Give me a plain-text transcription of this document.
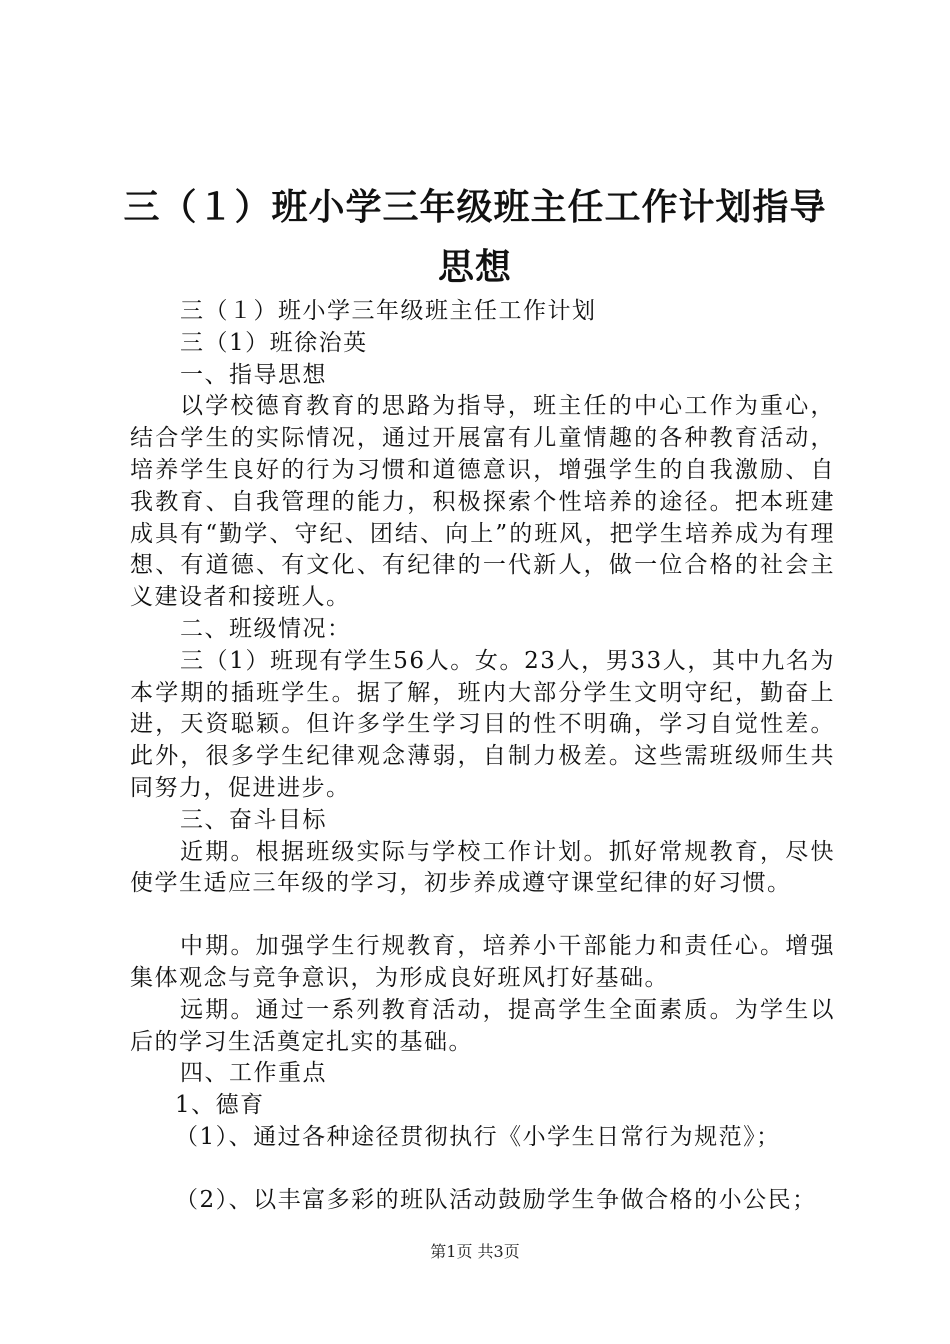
三（１）班小学三年级班主任工作计划指导思想

三（１）班小学三年级班主任工作计划

三（1）班徐治英

一、指导思想

以学校德育教育的思路为指导，班主任的中心工作为重心，结合学生的实际情况，通过开展富有儿童情趣的各种教育活动，培养学生良好的行为习惯和道德意识，增强学生的自我激励、自我教育、自我管理的能力，积极探索个性培养的途径。把本班建成具有“勤学、守纪、团结、向上”的班风，把学生培养成为有理想、有道德、有文化、有纪律的一代新人，做一位合格的社会主义建设者和接班人。

二、班级情况：

三（1）班现有学生56人。女。23人，男33人，其中九名为本学期的插班学生。据了解，班内大部分学生文明守纪，勤奋上进，天资聪颖。但许多学生学习目的性不明确，学习自觉性差。此外，很多学生纪律观念薄弱，自制力极差。这些需班级师生共同努力，促进进步。

三、奋斗目标

近期。根据班级实际与学校工作计划。抓好常规教育，尽快使学生适应三年级的学习，初步养成遵守课堂纪律的好习惯。

中期。加强学生行规教育，培养小干部能力和责任心。增强集体观念与竞争意识，为形成良好班风打好基础。

远期。通过一系列教育活动，提高学生全面素质。为学生以后的学习生活奠定扎实的基础。

四、工作重点

1、德育

（1）、通过各种途径贯彻执行《小学生日常行为规范》；

（2）、以丰富多彩的班队活动鼓励学生争做合格的小公民；

第1页 共3页
